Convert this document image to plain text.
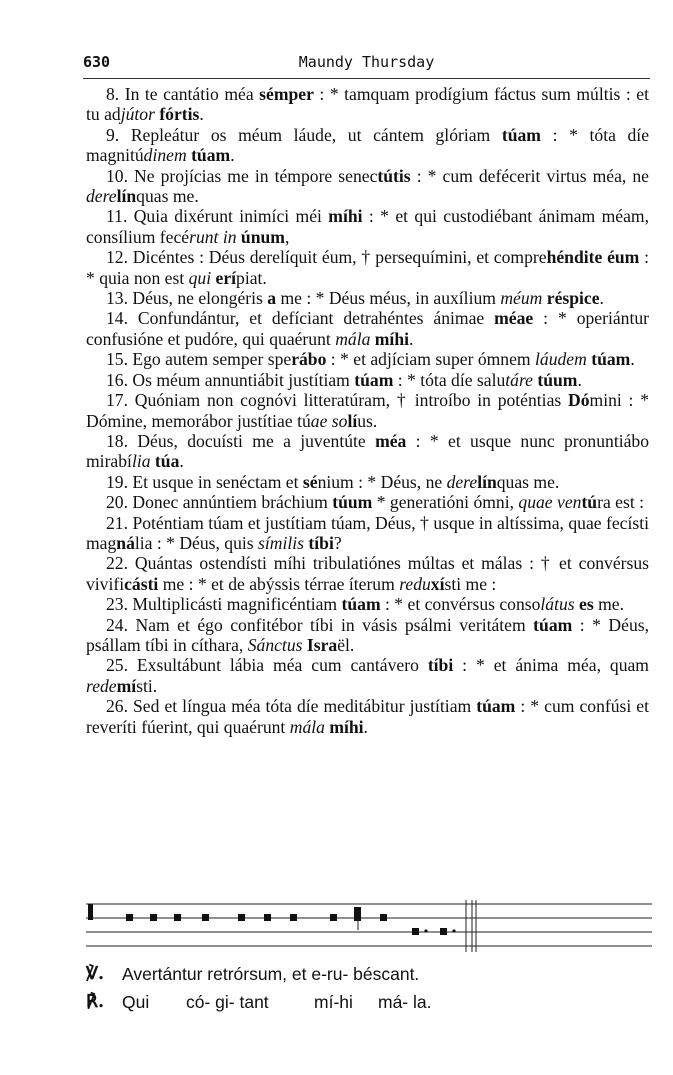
630	Maundy Thursday

8. In te cantátio méa sémper : * tamquam prodígium fáctus sum múltis : et tu adjútor fórtis.

9. Repleátur os méum láude, ut cántem glóriam túam : * tóta díe magnitúdinem túam.

10. Ne projícias me in témpore senectútis : * cum defécerit virtus méa, ne derelínquas me.

11. Quia dixérunt inimíci méi míhi : * et qui custodiébant ánimam méam, consílium fecérunt in únum,

12. Dicéntes : Déus derelíquit éum, † persequímini, et comprehéndite éum : * quia non est qui erípiat.

13. Déus, ne elongéris a me : * Déus méus, in auxílium méum réspice.

14. Confundántur, et defíciant detrahéntes ánimae méae : * operiántur confusióne et pudóre, qui quaérunt mála míhi.

15. Ego autem semper sperábo : * et adjíciam super ómnem láudem túam.

16. Os méum annuntiábit justítiam túam : * tóta díe salutáre túum.

17. Quóniam non cognóvi litteratúram, † introíbo in poténtias Dómini : * Dómine, memorábor justítiae túae solíus.

18. Déus, docuísti me a juventúte méa : * et usque nunc pronuntiábo mirabília túa.

19. Et usque in senéctam et sénium : * Déus, ne derelínquas me.

20. Donec annúntiem bráchium túum * generatióni ómni, quae ventúra est :

21. Poténtiam túam et justítiam túam, Déus, † usque in altíssima, quae fecísti magnália : * Déus, quis símilis tíbi?

22. Quántas ostendísti míhi tribulatiónes múltas et málas : † et convérsus vivificásti me : * et de abýssis térrae íterum reduxísti me :

23. Multiplicásti magnificéntiam túam : * et convérsus consolátus es me.

24. Nam et égo confitébor tíbi in vásis psálmi veritátem túam : * Déus, psállam tíbi in cíthara, Sánctus Israël.

25. Exsultábunt lábia méa cum cantávero tíbi : * et ánima méa, quam redemísti.

26. Sed et língua méa tóta díe meditábitur justítiam túam : * cum confúsi et reveríti fúerint, qui quaérunt mála míhi.

℣. Avertántur retrórsum, et e-ru- béscant.
℟. Qui có- gi- tant	mí-hi má- la.
